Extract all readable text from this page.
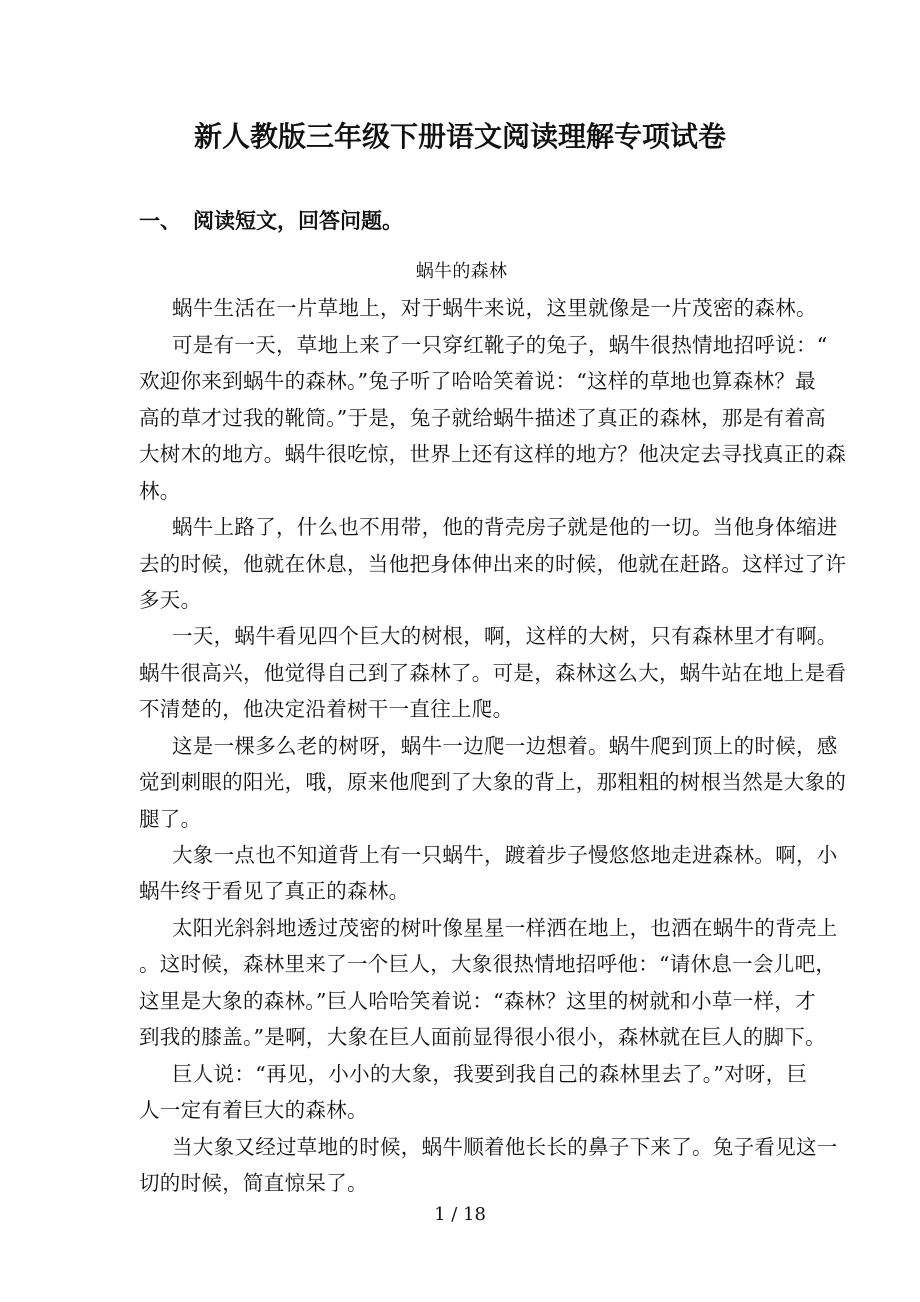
新人教版三年级下册语文阅读理解专项试卷
一、 阅读短文，回答问题。
蜗牛的森林
蜗牛生活在一片草地上，对于蜗牛来说，这里就像是一片茂密的森林。
可是有一天，草地上来了一只穿红靴子的兔子，蜗牛很热情地招呼说：“
欢迎你来到蜗牛的森林。”兔子听了哈哈笑着说：“这样的草地也算森林？最
高的草才过我的靴筒。”于是，兔子就给蜗牛描述了真正的森林，那是有着高
大树木的地方。蜗牛很吃惊，世界上还有这样的地方？他决定去寻找真正的森
林。
蜗牛上路了，什么也不用带，他的背壳房子就是他的一切。当他身体缩进
去的时候，他就在休息，当他把身体伸出来的时候，他就在赶路。这样过了许
多天。
一天，蜗牛看见四个巨大的树根，啊，这样的大树，只有森林里才有啊。
蜗牛很高兴，他觉得自己到了森林了。可是，森林这么大，蜗牛站在地上是看
不清楚的，他决定沿着树干一直往上爬。
这是一棵多么老的树呀，蜗牛一边爬一边想着。蜗牛爬到顶上的时候，感
觉到刺眼的阳光，哦，原来他爬到了大象的背上，那粗粗的树根当然是大象的
腿了。
大象一点也不知道背上有一只蜗牛，踱着步子慢悠悠地走进森林。啊，小
蜗牛终于看见了真正的森林。
太阳光斜斜地透过茂密的树叶像星星一样洒在地上，也洒在蜗牛的背壳上
。这时候，森林里来了一个巨人，大象很热情地招呼他：“请休息一会儿吧，
这里是大象的森林。”巨人哈哈笑着说：“森林？这里的树就和小草一样，才
到我的膝盖。”是啊，大象在巨人面前显得很小很小，森林就在巨人的脚下。
巨人说：“再见，小小的大象，我要到我自己的森林里去了。”对呀，巨
人一定有着巨大的森林。
当大象又经过草地的时候，蜗牛顺着他长长的鼻子下来了。兔子看见这一
切的时候，简直惊呆了。
1 / 18
